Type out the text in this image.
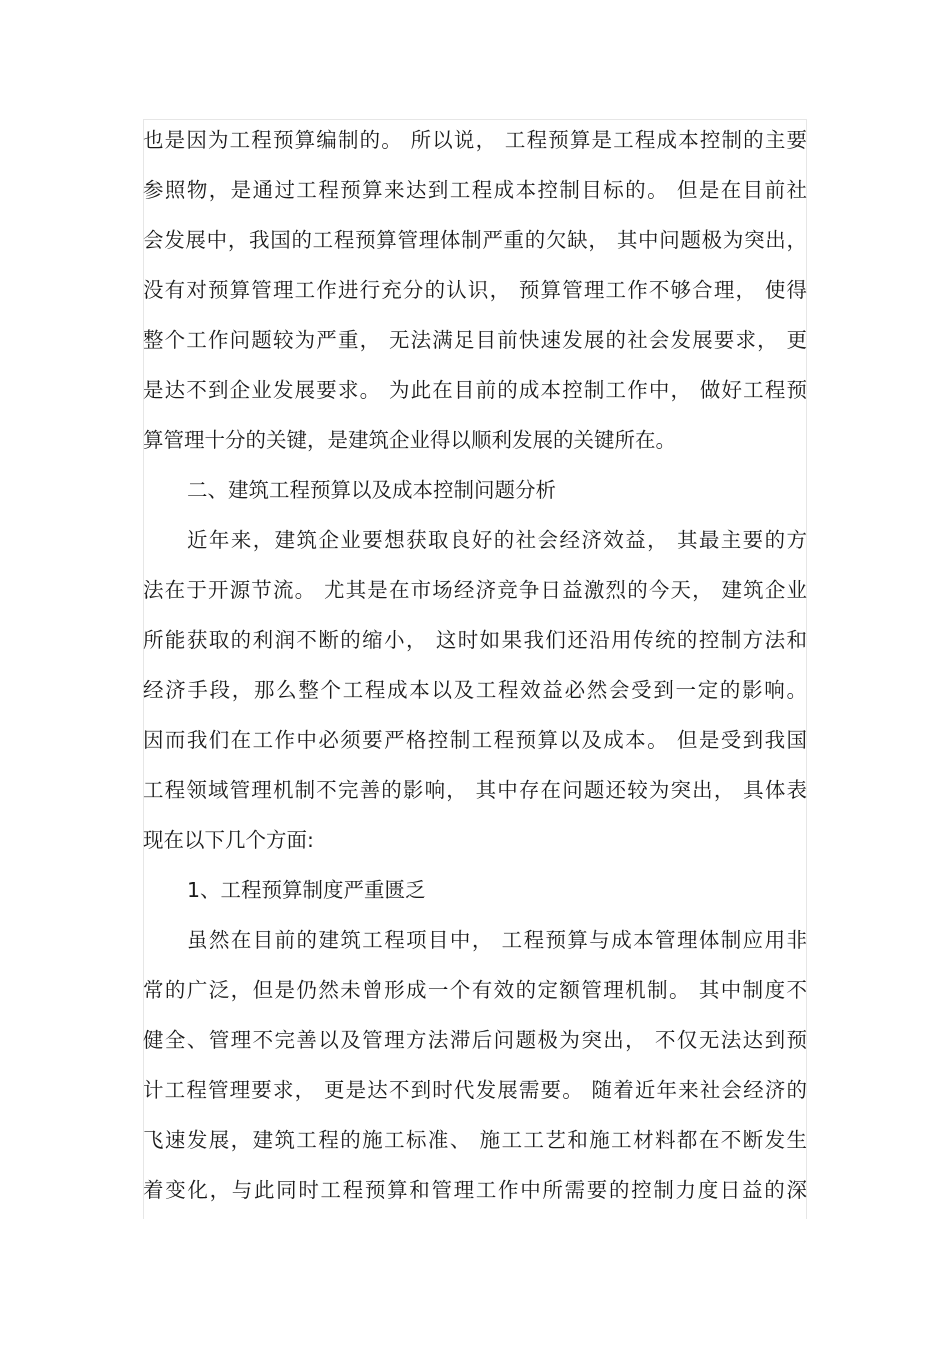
也是因为工程预算编制的。 所以说， 工程预算是工程成本控制的主要
参照物，是通过工程预算来达到工程成本控制目标的。 但是在目前社
会发展中，我国的工程预算管理体制严重的欠缺， 其中问题极为突出，
没有对预算管理工作进行充分的认识， 预算管理工作不够合理， 使得
整个工作问题较为严重， 无法满足目前快速发展的社会发展要求， 更
是达不到企业发展要求。 为此在目前的成本控制工作中， 做好工程预
算管理十分的关键，是建筑企业得以顺利发展的关键所在。
二、建筑工程预算以及成本控制问题分析
近年来，建筑企业要想获取良好的社会经济效益， 其最主要的方
法在于开源节流。 尤其是在市场经济竞争日益激烈的今天， 建筑企业
所能获取的利润不断的缩小， 这时如果我们还沿用传统的控制方法和
经济手段，那么整个工程成本以及工程效益必然会受到一定的影响。
因而我们在工作中必须要严格控制工程预算以及成本。 但是受到我国
工程领域管理机制不完善的影响， 其中存在问题还较为突出， 具体表
现在以下几个方面:
1、工程预算制度严重匮乏
虽然在目前的建筑工程项目中， 工程预算与成本管理体制应用非
常的广泛，但是仍然未曾形成一个有效的定额管理机制。 其中制度不
健全、管理不完善以及管理方法滞后问题极为突出， 不仅无法达到预
计工程管理要求， 更是达不到时代发展需要。 随着近年来社会经济的
飞速发展，建筑工程的施工标准、 施工工艺和施工材料都在不断发生
着变化，与此同时工程预算和管理工作中所需要的控制力度日益的深
